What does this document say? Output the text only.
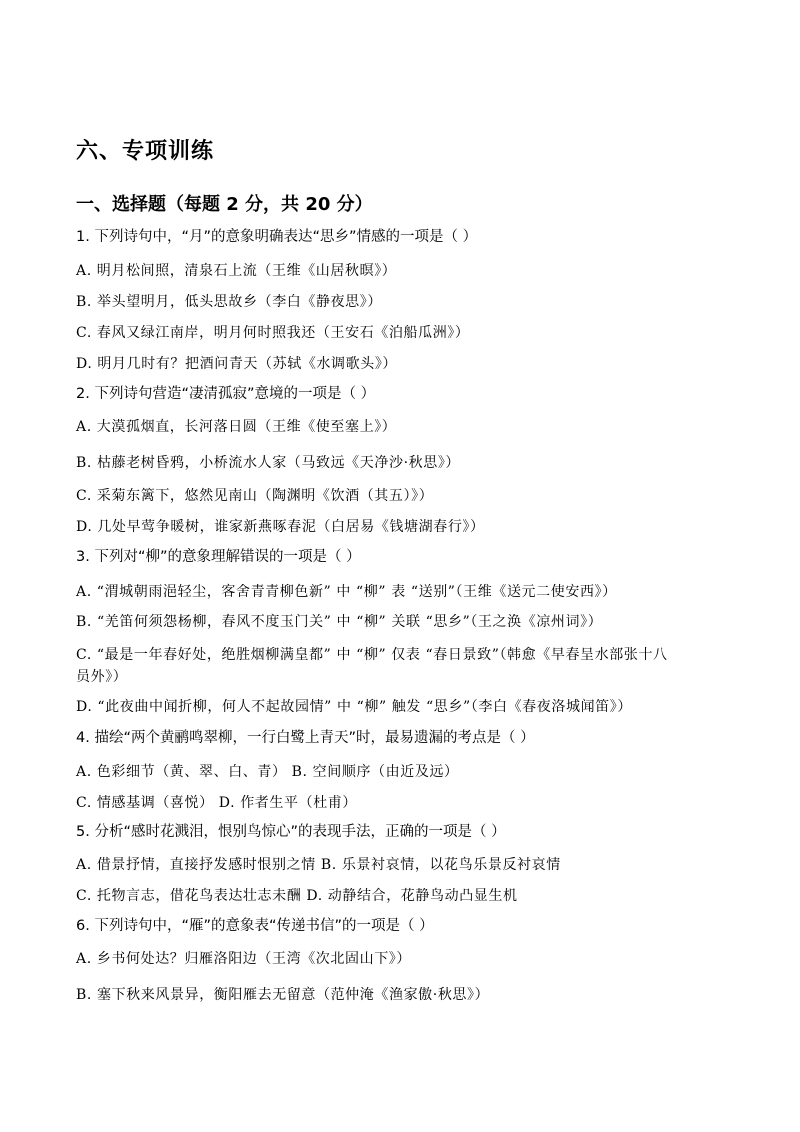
六、专项训练
一、选择题（每题 2 分，共 20 分）
1. 下列诗句中，“月”的意象明确表达“思乡”情感的一项是（ ）
A. 明月松间照，清泉石上流（王维《山居秋暝》）
B. 举头望明月，低头思故乡（李白《静夜思》）
C. 春风又绿江南岸，明月何时照我还（王安石《泊船瓜洲》）
D. 明月几时有？把酒问青天（苏轼《水调歌头》）
2. 下列诗句营造“凄清孤寂”意境的一项是（ ）
A. 大漠孤烟直，长河落日圆（王维《使至塞上》）
B. 枯藤老树昏鸦，小桥流水人家（马致远《天净沙·秋思》）
C. 采菊东篱下，悠然见南山（陶渊明《饮酒（其五）》）
D. 几处早莺争暖树，谁家新燕啄春泥（白居易《钱塘湖春行》）
3. 下列对“柳”的意象理解错误的一项是（ ）
A. “渭城朝雨浥轻尘，客舍青青柳色新” 中 “柳” 表 “送别”（王维《送元二使安西》）
B. “羌笛何须怨杨柳，春风不度玉门关” 中 “柳” 关联 “思乡”（王之涣《凉州词》）
C. “最是一年春好处，绝胜烟柳满皇都” 中 “柳” 仅表 “春日景致”（韩愈《早春呈水部张十八
员外》）
D. “此夜曲中闻折柳，何人不起故园情” 中 “柳” 触发 “思乡”（李白《春夜洛城闻笛》）
4. 描绘“两个黄鹂鸣翠柳，一行白鹭上青天”时，最易遗漏的考点是（ ）
A. 色彩细节（黄、翠、白、青） B. 空间顺序（由近及远）
C. 情感基调（喜悦） D. 作者生平（杜甫）
5. 分析“感时花溅泪，恨别鸟惊心”的表现手法，正确的一项是（ ）
A. 借景抒情，直接抒发感时恨别之情 B. 乐景衬哀情，以花鸟乐景反衬哀情
C. 托物言志，借花鸟表达壮志未酬 D. 动静结合，花静鸟动凸显生机
6. 下列诗句中，“雁”的意象表“传递书信”的一项是（ ）
A. 乡书何处达？归雁洛阳边（王湾《次北固山下》）
B. 塞下秋来风景异，衡阳雁去无留意（范仲淹《渔家傲·秋思》）
